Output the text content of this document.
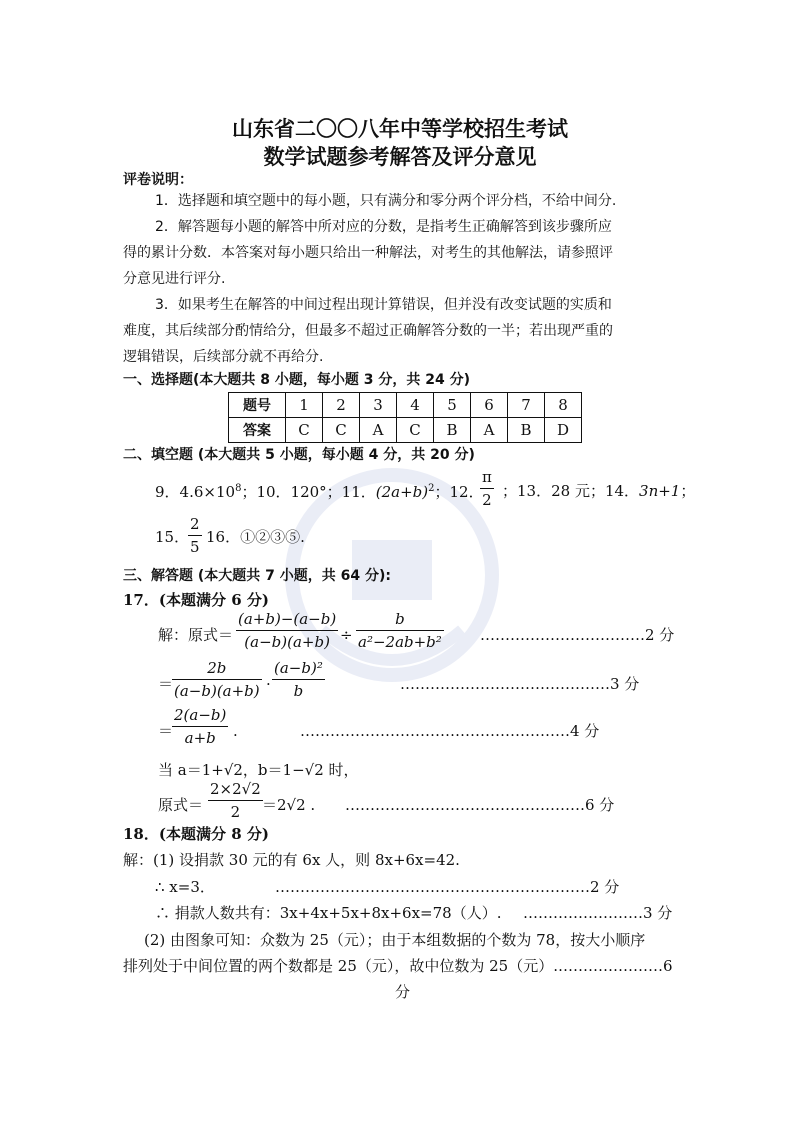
山东省二〇〇八年中等学校招生考试
数学试题参考解答及评分意见
评卷说明：
1．选择题和填空题中的每小题，只有满分和零分两个评分档，不给中间分.
2．解答题每小题的解答中所对应的分数，是指考生正确解答到该步骤所应
得的累计分数．本答案对每小题只给出一种解法，对考生的其他解法，请参照评
分意见进行评分.
3．如果考生在解答的中间过程出现计算错误，但并没有改变试题的实质和
难度，其后续部分酌情给分，但最多不超过正确解答分数的一半；若出现严重的
逻辑错误，后续部分就不再给分.
一、选择题(本大题共 8 小题，每小题 3 分，共 24 分)
题号	1	2	3	4	5	6	7	8
答案	C	C	A	C	B	A	B	D
二、填空题 (本大题共 5 小题，每小题 4 分，共 20 分)
9．$4.6\times 10^8$；10．120°；11．$(2a+b)^2$；12．
$\frac{\pi}{2}$ ；13．28 元；14．3n+1；
15．
$\frac{2}{5} 16$．①②③⑤.
三、解答题 (本大题共 7 小题，共 64 分):
17．(本题满分 6 分)
解：原式＝ $\frac{(a+b)-(a-b)}{(a-b)(a+b)} \div \frac{b}{\text{a²−2ab+b²}}$ ……………………………2 分
＝
$\frac{2b}{(a-b)(a+b)} \cdot \frac{\text{(a−b)²}}{b}$	……………………………………3 分
＝
$\frac{2(a-b)}{a+b}$ .	………………………………………………4 分
当 a＝1+√2，b＝1−√2 时，
原式＝ $\frac{2\times 2√2}{2} =2√2$ . …………………………………………6 分
18．(本题满分 8 分)
解：(1) 设捐款 30 元的有 6x 人，则 8x+6x=42.
∴ x=3．	………………………………………………………2 分
∴ 捐款人数共有：3x+4x+5x+8x+6x=78（人）. ……………………3 分
(2) 由图象可知：众数为 25（元）；由于本组数据的个数为 78，按大小顺序
排列处于中间位置的两个数都是 25（元），故中位数为 25（元）.…………………6
分
